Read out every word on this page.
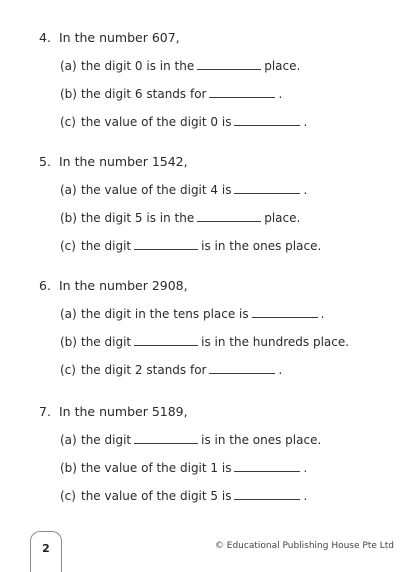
4. In the number 607,
(a) the digit 0 is in the	place.
(b) the digit 6 stands for	.
(c) the value of the digit 0 is	.
5. In the number 1542,
(a) the value of the digit 4 is	.
(b) the digit 5 is in the	place.
(c) the digit	is in the ones place.
6. In the number 2908,
(a) the digit in the tens place is	.
(b) the digit	is in the hundreds place.
(c) the digit 2 stands for	.
7. In the number 5189,
(a) the digit	is in the ones place.
(b) the value of the digit 1 is	.
(c) the value of the digit 5 is	.
2	© Educational Publishing House Pte Ltd
